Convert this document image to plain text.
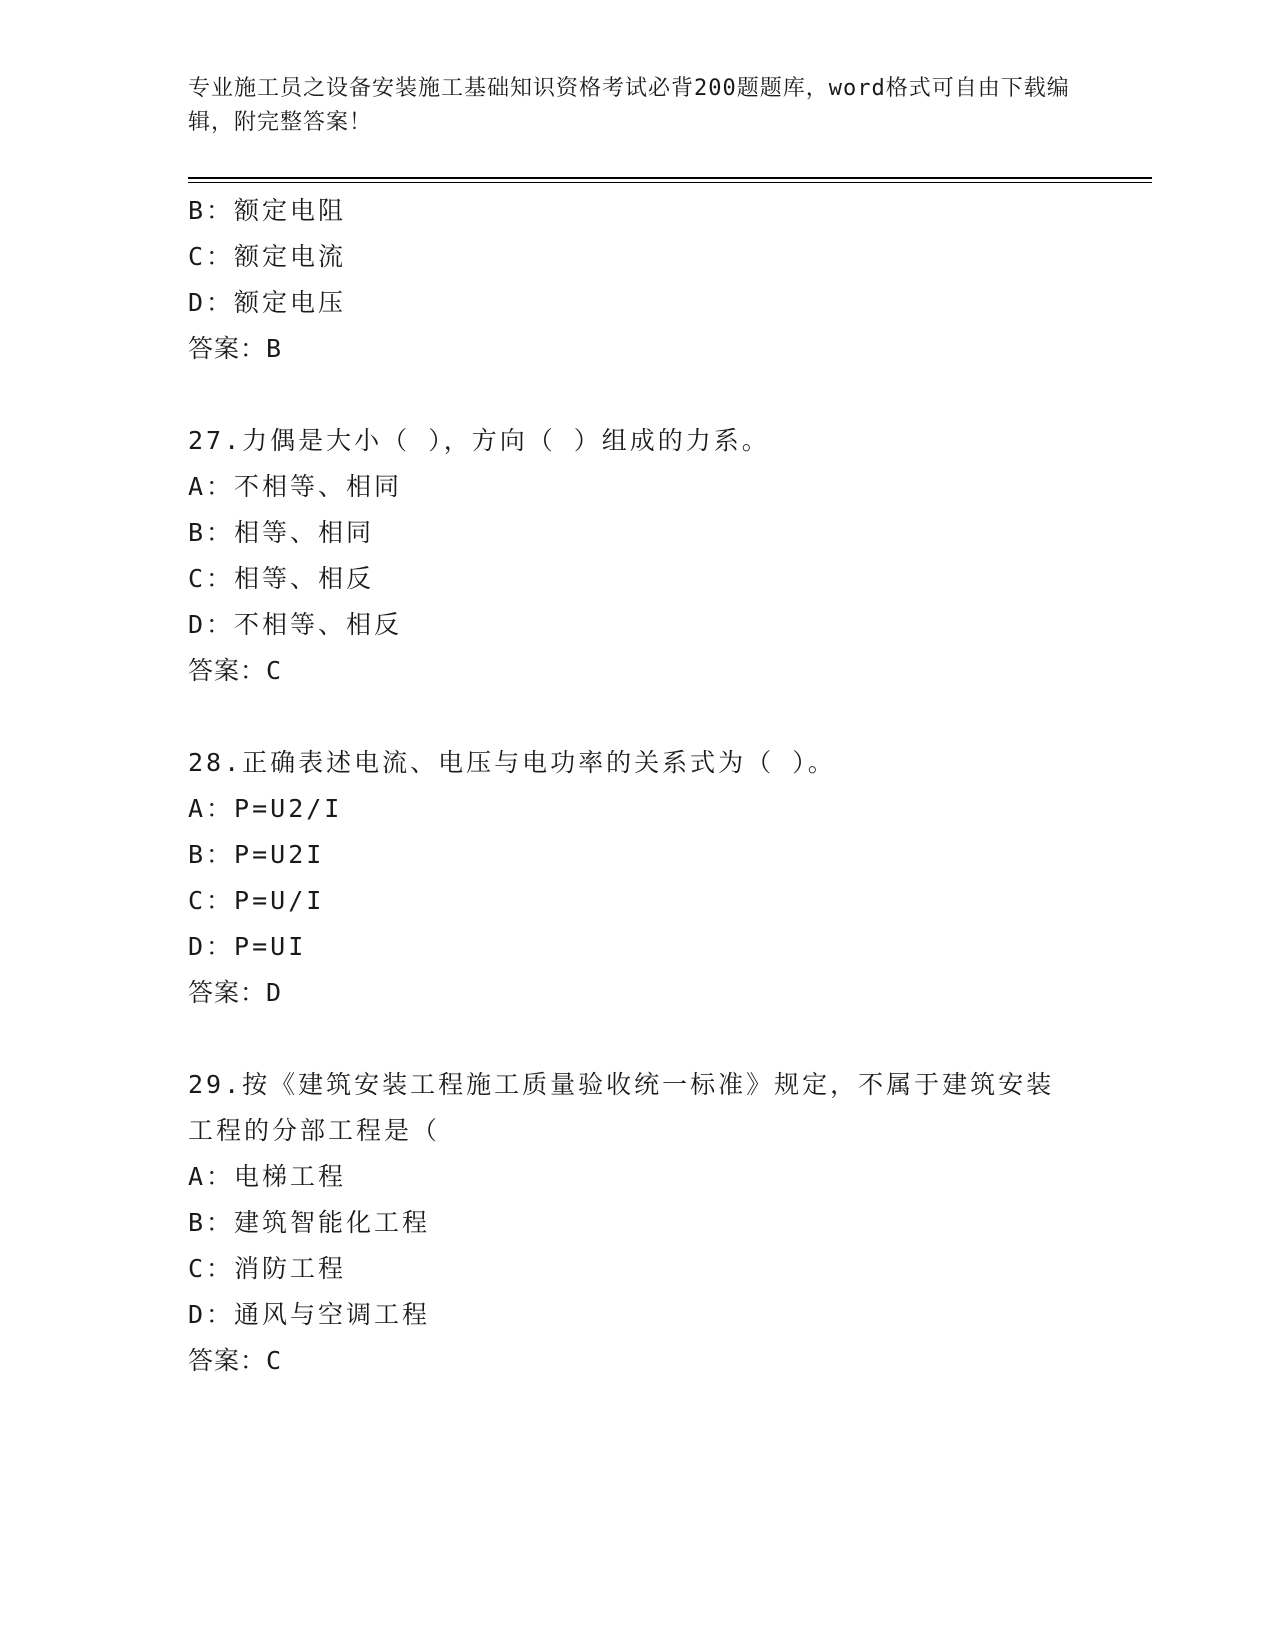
专业施工员之设备安装施工基础知识资格考试必背200题题库，word格式可自由下载编辑，附完整答案！
B：额定电阻
C：额定电流
D：额定电压
答案：B
27.力偶是大小（ ），方向（ ）组成的力系。
A：不相等、相同
B：相等、相同
C：相等、相反
D：不相等、相反
答案：C
28.正确表述电流、电压与电功率的关系式为（ ）。
A：P=U2/I
B：P=U2I
C：P=U/I
D：P=UI
答案：D
29.按《建筑安装工程施工质量验收统一标准》规定，不属于建筑安装工程的分部工程是（
A：电梯工程
B：建筑智能化工程
C：消防工程
D：通风与空调工程
答案：C
